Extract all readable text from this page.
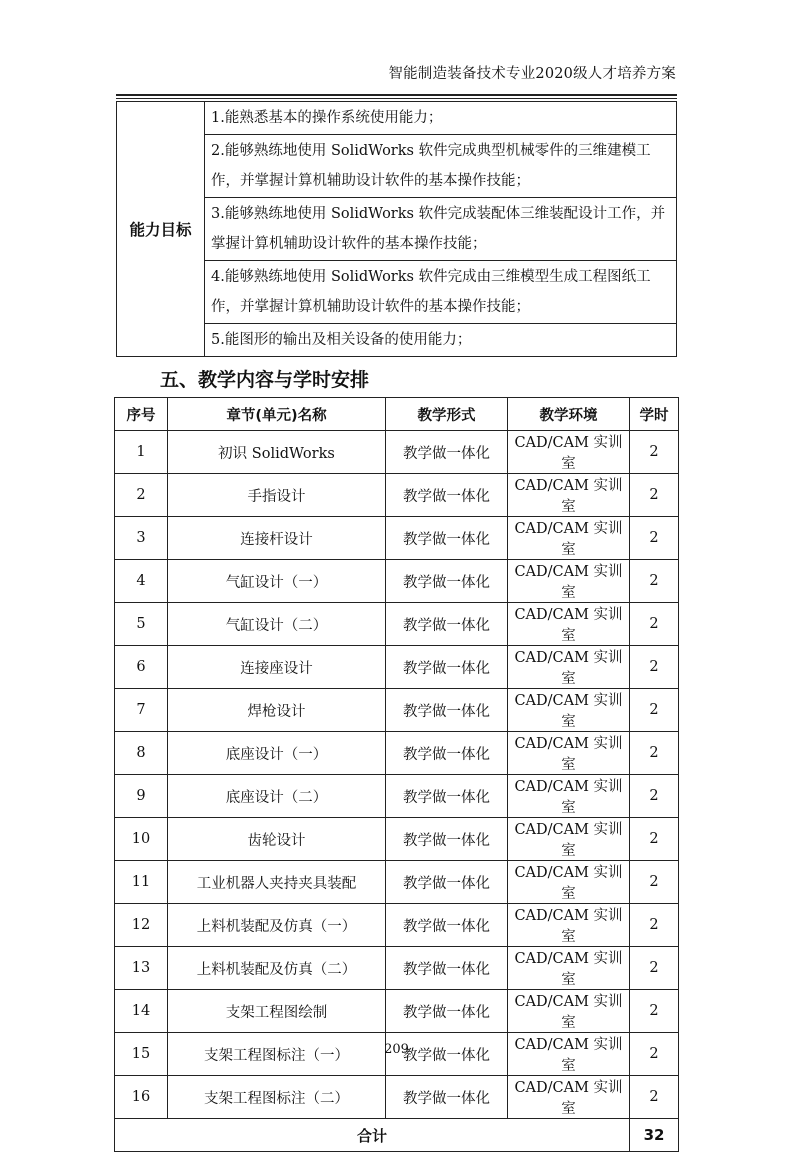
智能制造装备技术专业2020级人才培养方案
能力目标	1.能熟悉基本的操作系统使用能力；
2.能够熟练地使用 SolidWorks 软件完成典型机械零件的三维建模工作，并掌握计算机辅助设计软件的基本操作技能；
3.能够熟练地使用 SolidWorks 软件完成装配体三维装配设计工作，并掌握计算机辅助设计软件的基本操作技能；
4.能够熟练地使用 SolidWorks 软件完成由三维模型生成工程图纸工作，并掌握计算机辅助设计软件的基本操作技能；
5.能图形的输出及相关设备的使用能力；
五、教学内容与学时安排
序号	章节(单元)名称	教学形式	教学环境	学时
1	初识 SolidWorks	教学做一体化	CAD/CAM 实训室	2
2	手指设计	教学做一体化	CAD/CAM 实训室	2
3	连接杆设计	教学做一体化	CAD/CAM 实训室	2
4	气缸设计（一）	教学做一体化	CAD/CAM 实训室	2
5	气缸设计（二）	教学做一体化	CAD/CAM 实训室	2
6	连接座设计	教学做一体化	CAD/CAM 实训室	2
7	焊枪设计	教学做一体化	CAD/CAM 实训室	2
8	底座设计（一）	教学做一体化	CAD/CAM 实训室	2
9	底座设计（二）	教学做一体化	CAD/CAM 实训室	2
10	齿轮设计	教学做一体化	CAD/CAM 实训室	2
11	工业机器人夹持夹具装配	教学做一体化	CAD/CAM 实训室	2
12	上料机装配及仿真（一）	教学做一体化	CAD/CAM 实训室	2
13	上料机装配及仿真（二）	教学做一体化	CAD/CAM 实训室	2
14	支架工程图绘制	教学做一体化	CAD/CAM 实训室	2
15	支架工程图标注（一）	教学做一体化	CAD/CAM 实训室	2
16	支架工程图标注（二）	教学做一体化	CAD/CAM 实训室	2
合计				32
209
